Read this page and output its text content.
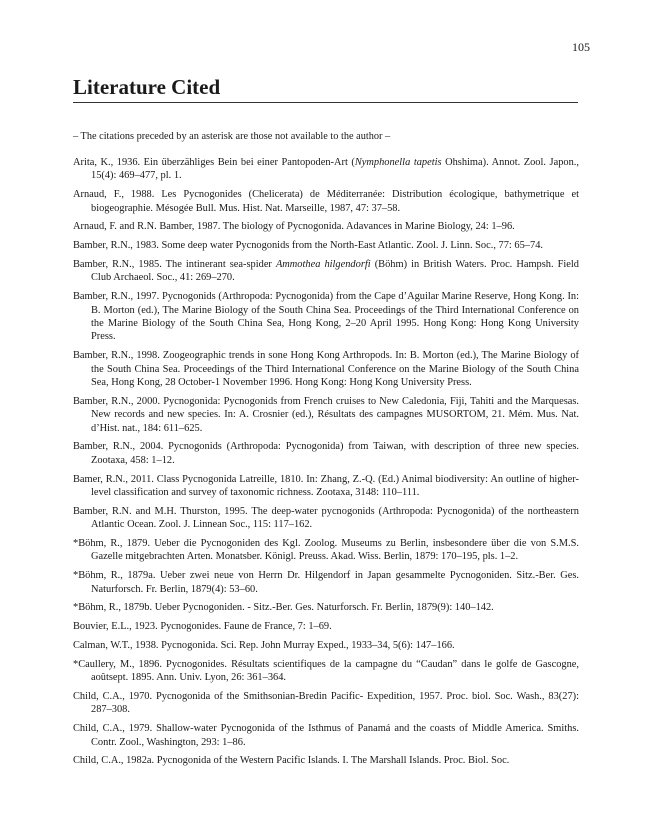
105
Literature Cited
– The citations preceded by an asterisk are those not available to the author –
Arita, K., 1936. Ein überzähliges Bein bei einer Pantopoden-Art (Nymphonella tapetis Ohshima). Annot. Zool. Japon., 15(4): 469–477, pl. 1.
Arnaud, F., 1988. Les Pycnogonides (Chelicerata) de Méditerranée: Distribution écologique, bathymetrique et biogeographie. Mésogée Bull. Mus. Hist. Nat. Marseille, 1987, 47: 37–58.
Arnaud, F. and R.N. Bamber, 1987. The biology of Pycnogonida. Adavances in Marine Biology, 24: 1–96.
Bamber, R.N., 1983. Some deep water Pycnogonids from the North-East Atlantic. Zool. J. Linn. Soc., 77: 65–74.
Bamber, R.N., 1985. The intinerant sea-spider Ammothea hilgendorfi (Böhm) in British Waters. Proc. Hampsh. Field Club Archaeol. Soc., 41: 269–270.
Bamber, R.N., 1997. Pycnogonids (Arthropoda: Pycnogonida) from the Cape d’Aguilar Marine Reserve, Hong Kong. In: B. Morton (ed.), The Marine Biology of the South China Sea. Proceedings of the Third International Conference on the Marine Biology of the South China Sea, Hong Kong, 2–20 April 1995. Hong Kong: Hong Kong University Press.
Bamber, R.N., 1998. Zoogeographic trends in sone Hong Kong Arthropods. In: B. Morton (ed.), The Marine Biology of the South China Sea. Proceedings of the Third International Conference on the Marine Biology of the South China Sea, Hong Kong, 28 October-1 November 1996. Hong Kong: Hong Kong University Press.
Bamber, R.N., 2000. Pycnogonida: Pycnogonids from French cruises to New Caledonia, Fiji, Tahiti and the Marquesas. New records and new species. In: A. Crosnier (ed.), Résultats des campagnes MUSORTOM, 21. Mém. Mus. Nat. d’Hist. nat., 184: 611–625.
Bamber, R.N., 2004. Pycnogonids (Arthropoda: Pycnogonida) from Taiwan, with description of three new species. Zootaxa, 458: 1–12.
Bamer, R.N., 2011. Class Pycnogonida Latreille, 1810. In: Zhang, Z.-Q. (Ed.) Animal biodiversity: An outline of higher-level classification and survey of taxonomic richness. Zootaxa, 3148: 110–111.
Bamber, R.N. and M.H. Thurston, 1995. The deep-water pycnogonids (Arthropoda: Pycnogonida) of the northeastern Atlantic Ocean. Zool. J. Linnean Soc., 115: 117–162.
*Böhm, R., 1879. Ueber die Pycnogoniden des Kgl. Zoolog. Museums zu Berlin, insbesondere über die von S.M.S. Gazelle mitgebrachten Arten. Monatsber. Königl. Preuss. Akad. Wiss. Berlin, 1879: 170–195, pls. 1–2.
*Böhm, R., 1879a. Ueber zwei neue von Herrn Dr. Hilgendorf in Japan gesammelte Pycnogoniden. Sitz.-Ber. Ges. Naturforsch. Fr. Berlin, 1879(4): 53–60.
*Böhm, R., 1879b. Ueber Pycnogoniden. - Sitz.-Ber. Ges. Naturforsch. Fr. Berlin, 1879(9): 140–142.
Bouvier, E.L., 1923. Pycnogonides. Faune de France, 7: 1–69.
Calman, W.T., 1938. Pycnogonida. Sci. Rep. John Murray Exped., 1933–34, 5(6): 147–166.
*Caullery, M., 1896. Pycnogonides. Résultats scientifiques de la campagne du “Caudan” dans le golfe de Gascogne, aoûtsept. 1895. Ann. Univ. Lyon, 26: 361–364.
Child, C.A., 1970. Pycnogonida of the Smithsonian-Bredin Pacific- Expedition, 1957. Proc. biol. Soc. Wash., 83(27): 287–308.
Child, C.A., 1979. Shallow-water Pycnogonida of the Isthmus of Panamá and the coasts of Middle America. Smiths. Contr. Zool., Washington, 293: 1–86.
Child, C.A., 1982a. Pycnogonida of the Western Pacific Islands. I. The Marshall Islands. Proc. Biol. Soc.
